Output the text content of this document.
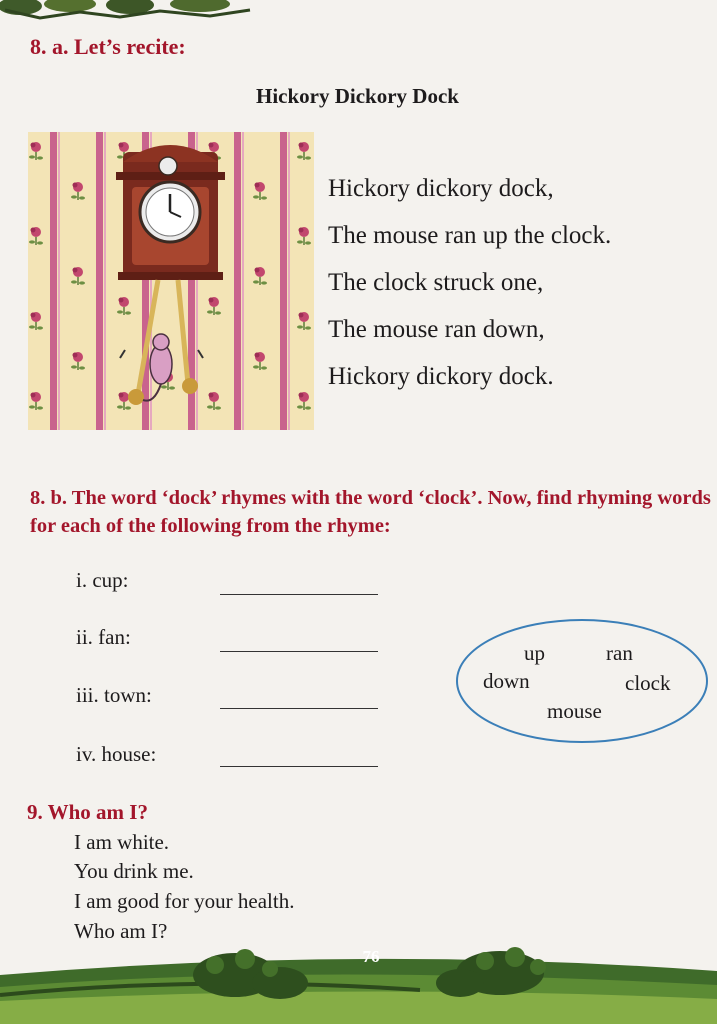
8. a. Let’s recite:
Hickory Dickory Dock
Hickory dickory dock,
The mouse ran up the clock.
The clock struck one,
The mouse ran down,
Hickory dickory dock.
8. b. The word ‘dock’ rhymes with the word ‘clock’. Now, find rhyming words for each of the following from the rhyme:
i. cup:
ii. fan:
iii. town:
iv. house:
up	ran
down	clock
mouse
9. Who am I?
I am white.
You drink me.
I am good for your health.
Who am I?
76
